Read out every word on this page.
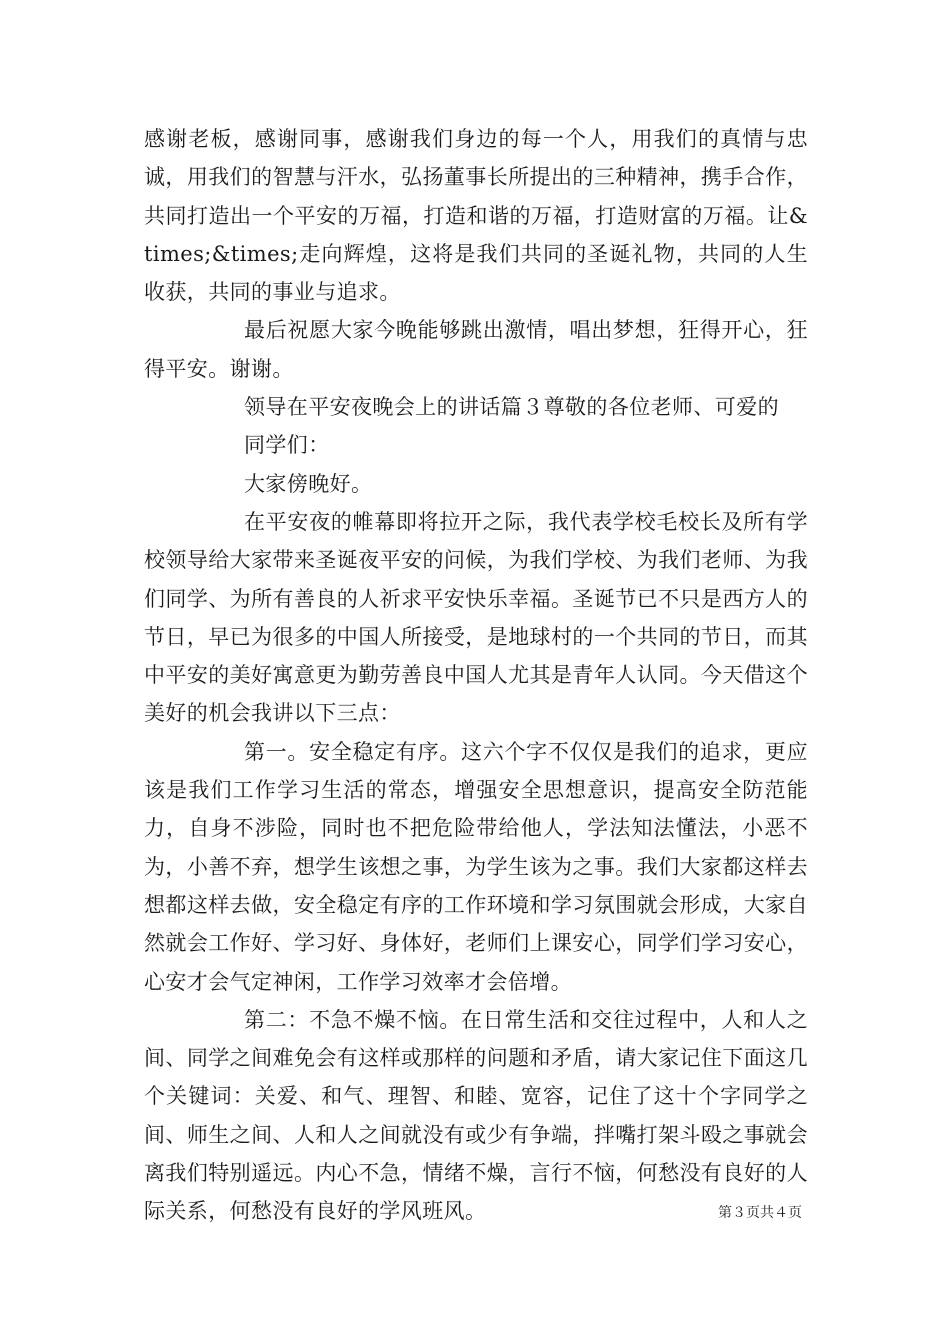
感谢老板，感谢同事，感谢我们身边的每一个人，用我们的真情与忠诚，用我们的智慧与汗水，弘扬董事长所提出的三种精神，携手合作，共同打造出一个平安的万福，打造和谐的万福，打造财富的万福。让&times;&times;走向辉煌，这将是我们共同的圣诞礼物，共同的人生收获，共同的事业与追求。

最后祝愿大家今晚能够跳出激情，唱出梦想，狂得开心，狂得平安。谢谢。

领导在平安夜晚会上的讲话篇３尊敬的各位老师、可爱的

同学们：

大家傍晚好。

在平安夜的帷幕即将拉开之际，我代表学校毛校长及所有学校领导给大家带来圣诞夜平安的问候，为我们学校、为我们老师、为我们同学、为所有善良的人祈求平安快乐幸福。圣诞节已不只是西方人的节日，早已为很多的中国人所接受，是地球村的一个共同的节日，而其中平安的美好寓意更为勤劳善良中国人尤其是青年人认同。今天借这个美好的机会我讲以下三点：

第一。安全稳定有序。这六个字不仅仅是我们的追求，更应该是我们工作学习生活的常态，增强安全思想意识，提高安全防范能力，自身不涉险，同时也不把危险带给他人，学法知法懂法，小恶不为，小善不弃，想学生该想之事，为学生该为之事。我们大家都这样去想都这样去做，安全稳定有序的工作环境和学习氛围就会形成，大家自然就会工作好、学习好、身体好，老师们上课安心，同学们学习安心，心安才会气定神闲，工作学习效率才会倍增。

第二：不急不燥不恼。在日常生活和交往过程中，人和人之间、同学之间难免会有这样或那样的问题和矛盾，请大家记住下面这几个关键词：关爱、和气、理智、和睦、宽容，记住了这十个字同学之间、师生之间、人和人之间就没有或少有争端，拌嘴打架斗殴之事就会离我们特别遥远。内心不急，情绪不燥，言行不恼，何愁没有良好的人际关系，何愁没有良好的学风班风。	第３页共４页
